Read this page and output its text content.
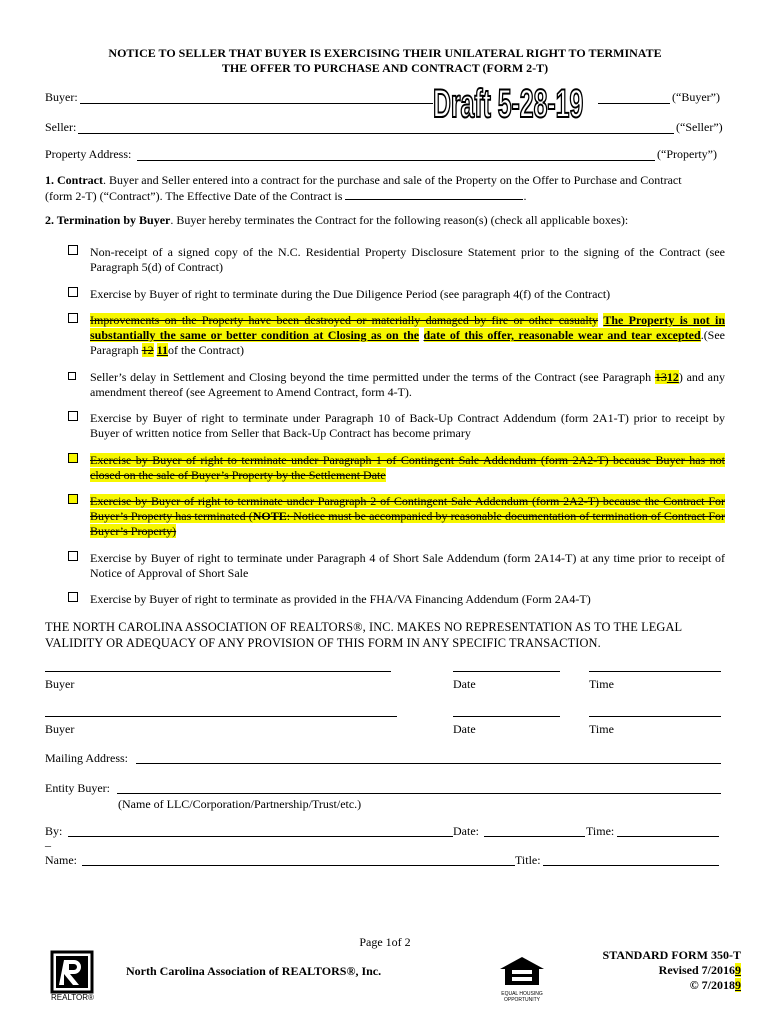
NOTICE TO SELLER THAT BUYER IS EXERCISING THEIR UNILATERAL RIGHT TO TERMINATE
THE OFFER TO PURCHASE AND CONTRACT (FORM 2-T)
Buyer:	(“Buyer”)
Draft 5-28-19
Seller:	(“Seller”)
Property Address:	(“Property”)
1. Contract. Buyer and Seller entered into a contract for the purchase and sale of the Property on the Offer to Purchase and Contract
(form 2-T) (“Contract”). The Effective Date of the Contract is	.
2. Termination by Buyer. Buyer hereby terminates the Contract for the following reason(s) (check all applicable boxes):
Non-receipt of a signed copy of the N.C. Residential Property Disclosure Statement prior to the signing of the Contract (see Paragraph 5(d) of Contract)
Exercise by Buyer of right to terminate during the Due Diligence Period (see paragraph 4(f) of the Contract)
Improvements on the Property have been destroyed or materially damaged by fire or other casualty The Property is not in substantially the same or better condition at Closing as on the date of this offer, reasonable wear and tear excepted.(See Paragraph 12 11of the Contract)
Seller’s delay in Settlement and Closing beyond the time permitted under the terms of the Contract (see Paragraph 1312) and any amendment thereof (see Agreement to Amend Contract, form 4-T).
Exercise by Buyer of right to terminate under Paragraph 10 of Back-Up Contract Addendum (form 2A1-T) prior to receipt by Buyer of written notice from Seller that Back-Up Contract has become primary
Exercise by Buyer of right to terminate under Paragraph 1 of Contingent Sale Addendum (form 2A2-T) because Buyer has not closed on the sale of Buyer’s Property by the Settlement Date
Exercise by Buyer of right to terminate under Paragraph 2 of Contingent Sale Addendum (form 2A2-T) because the Contract For Buyer’s Property has terminated (NOTE: Notice must be accompanied by reasonable documentation of termination of Contract For Buyer’s Property)
Exercise by Buyer of right to terminate under Paragraph 4 of Short Sale Addendum (form 2A14-T) at any time prior to receipt of Notice of Approval of Short Sale
Exercise by Buyer of right to terminate as provided in the FHA/VA Financing Addendum (Form 2A4-T)
THE NORTH CAROLINA ASSOCIATION OF REALTORS®, INC. MAKES NO REPRESENTATION AS TO THE LEGAL
VALIDITY OR ADEQUACY OF ANY PROVISION OF THIS FORM IN ANY SPECIFIC TRANSACTION.
Buyer	Date	Time
Buyer	Date	Time
Mailing Address:
Entity Buyer:
(Name of LLC/Corporation/Partnership/Trust/etc.)
By:	Date:	Time:
_
Name:	Title:
Page 1of 2
REALTOR®
North Carolina Association of REALTORS®, Inc.
EQUAL HOUSING
OPPORTUNITY
STANDARD FORM 350-T
Revised 7/20169
© 7/20189
